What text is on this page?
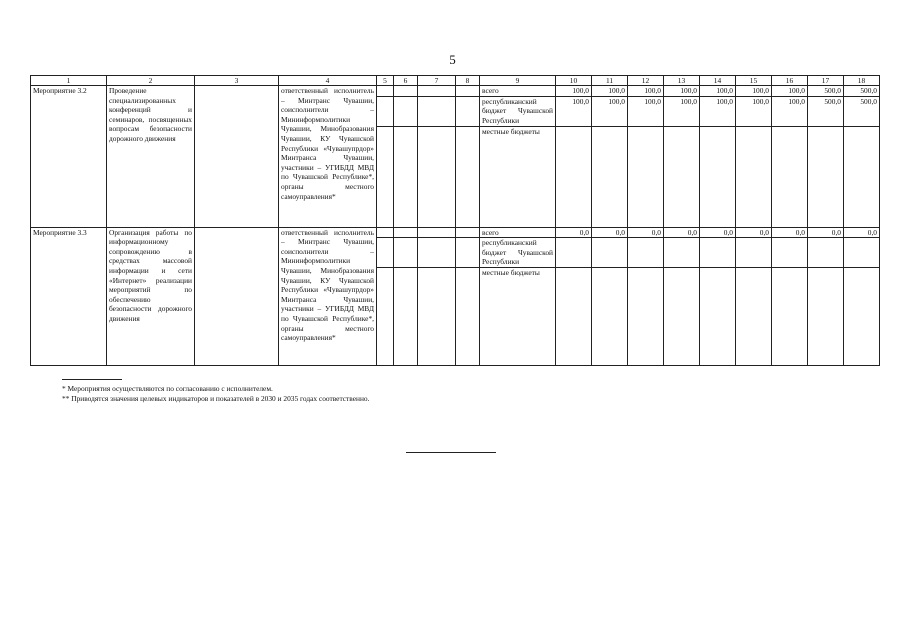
5
1	2	3	4	5	6	7	8	9	10	11	12	13	14	15	16	17	18
Мероприятие 3.2	Проведение специализированных конференций и семинаров, посвященных вопросам безопасности дорожного движения		ответственный исполнитель – Минтранс Чувашии, соисполнители – Мининформполитики Чувашии, Минобразования Чувашии, КУ Чувашской Республики «Чувашупрдор» Минтранса Чувашии, участники – УГИБДД МВД по Чувашской Республике*, органы местного самоуправления*					всего	100,0	100,0	100,0	100,0	100,0	100,0	100,0	500,0	500,0
								республиканский бюджет Чувашской Республики	100,0	100,0	100,0	100,0	100,0	100,0	100,0	500,0	500,0
								местные бюджеты									
Мероприятие 3.3	Организация работы по информационному сопровождению в средствах массовой информации и сети «Интернет» реализации мероприятий по обеспечению безопасности дорожного движения		ответственный исполнитель – Минтранс Чувашии, соисполнители – Мининформполитики Чувашии, Минобразования Чувашии, КУ Чувашской Республики «Чувашупрдор» Минтранса Чувашии, участники – УГИБДД МВД по Чувашской Республике*, органы местного самоуправления*					всего	0,0	0,0	0,0	0,0	0,0	0,0	0,0	0,0	0,0
								республиканский бюджет Чувашской Республики									
								местные бюджеты									
* Мероприятия осуществляются по согласованию с исполнителем.
** Приводятся значения целевых индикаторов и показателей в 2030 и 2035 годах соответственно.
